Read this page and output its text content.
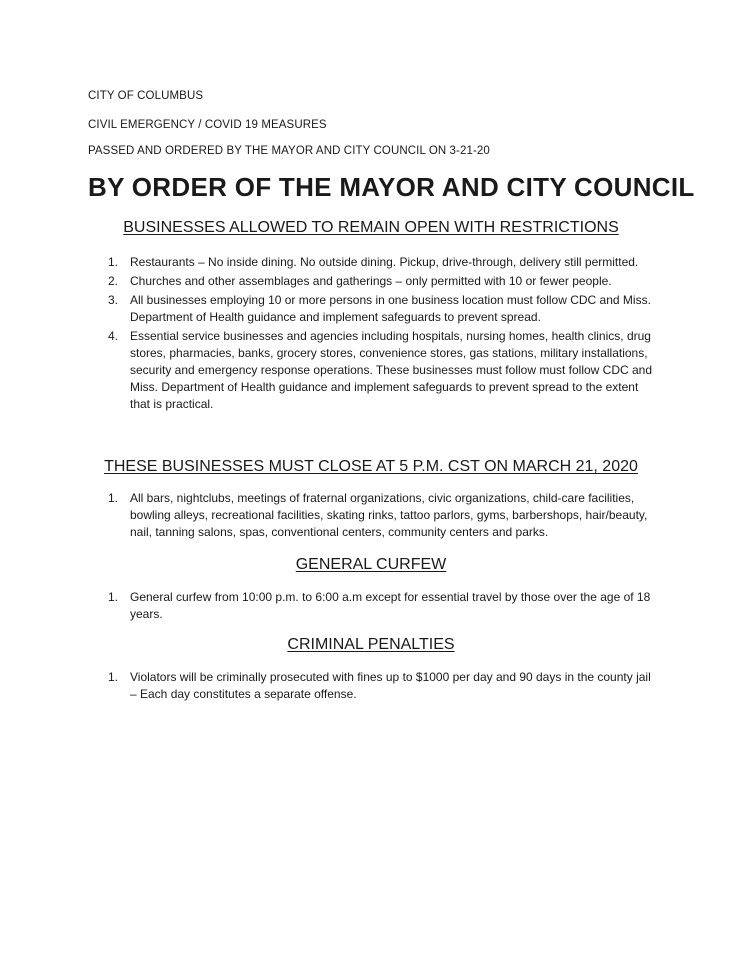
CITY OF COLUMBUS
CIVIL EMERGENCY / COVID 19 MEASURES
PASSED AND ORDERED BY THE MAYOR AND CITY COUNCIL ON 3-21-20
BY ORDER OF THE MAYOR AND CITY COUNCIL
BUSINESSES ALLOWED TO REMAIN OPEN WITH RESTRICTIONS
1. Restaurants – No inside dining. No outside dining. Pickup, drive-through, delivery still permitted.
2. Churches and other assemblages and gatherings – only permitted with 10 or fewer people.
3. All businesses employing 10 or more persons in one business location must follow CDC and Miss. Department of Health guidance and implement safeguards to prevent spread.
4. Essential service businesses and agencies including hospitals, nursing homes, health clinics, drug stores, pharmacies, banks, grocery stores, convenience stores, gas stations, military installations, security and emergency response operations. These businesses must follow must follow CDC and Miss. Department of Health guidance and implement safeguards to prevent spread to the extent that is practical.
THESE BUSINESSES MUST CLOSE AT 5 P.M. CST ON MARCH 21, 2020
1. All bars, nightclubs, meetings of fraternal organizations, civic organizations, child-care facilities, bowling alleys, recreational facilities, skating rinks, tattoo parlors, gyms, barbershops, hair/beauty, nail, tanning salons, spas, conventional centers, community centers and parks.
GENERAL CURFEW
1. General curfew from 10:00 p.m. to 6:00 a.m except for essential travel by those over the age of 18 years.
CRIMINAL PENALTIES
1. Violators will be criminally prosecuted with fines up to $1000 per day and 90 days in the county jail – Each day constitutes a separate offense.
